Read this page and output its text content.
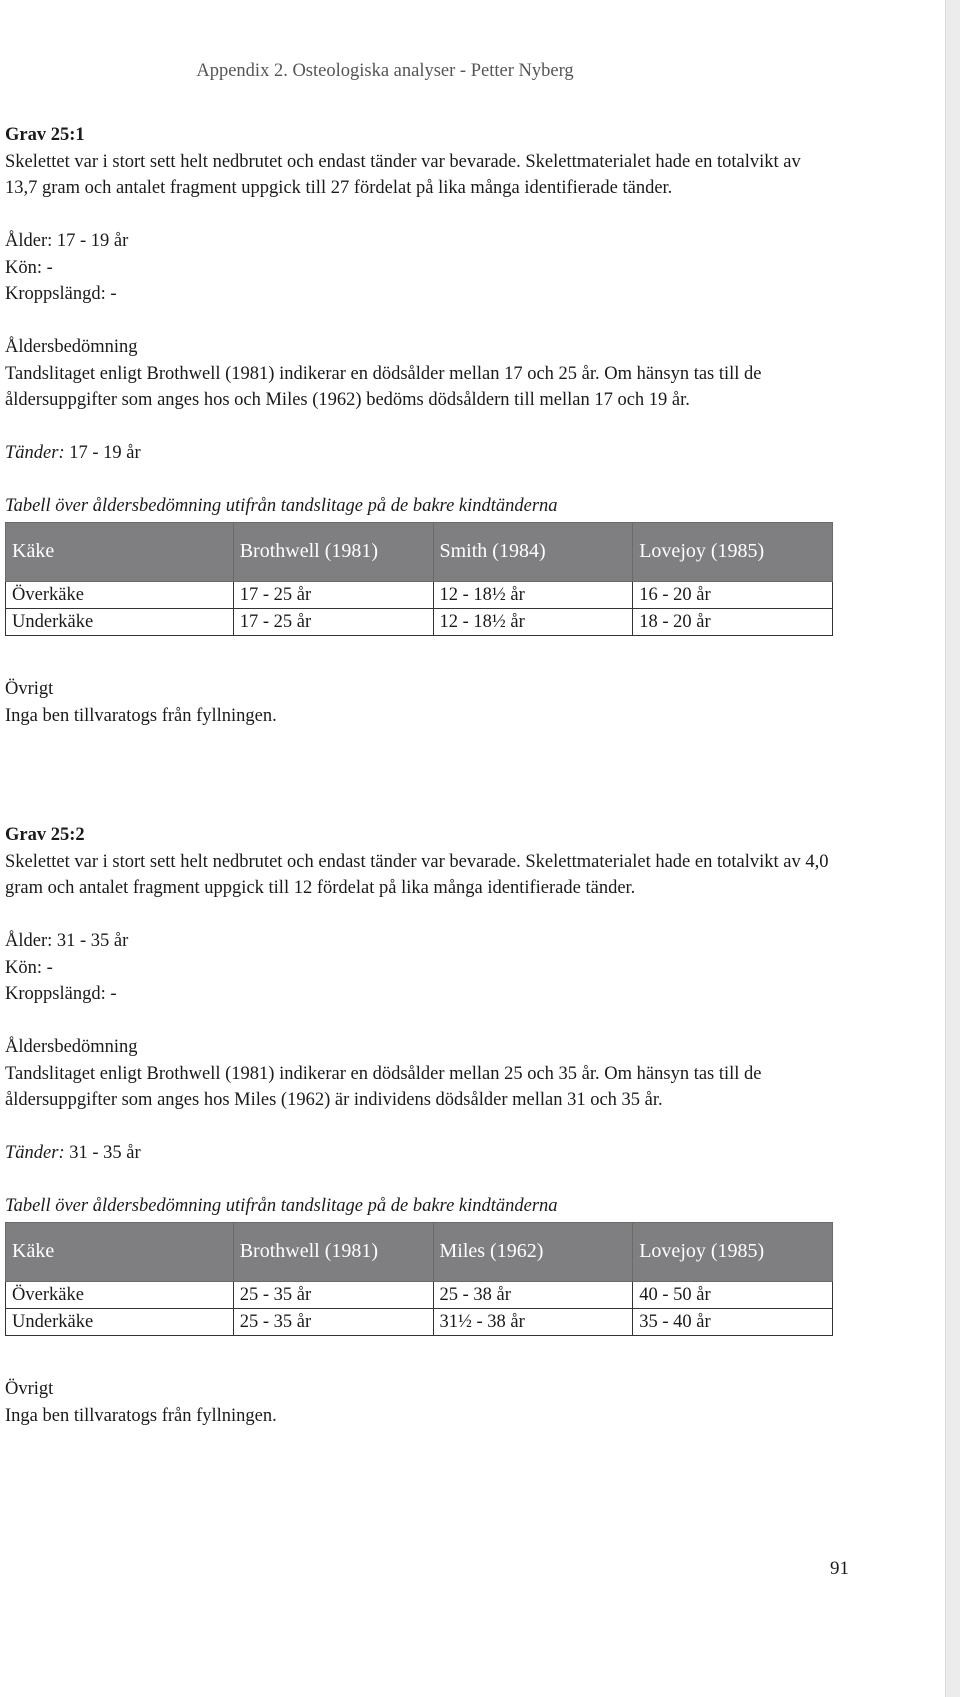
Appendix 2. Osteologiska analyser - Petter Nyberg

Grav 25:1

Skelettet var i stort sett helt nedbrutet och endast tänder var bevarade. Skelettmaterialet hade en totalvikt av 13,7 gram och antalet fragment uppgick till 27 fördelat på lika många identifierade tänder.

Ålder: 17 - 19 år

Kön: -

Kroppslängd: -

Åldersbedömning

Tandslitaget enligt Brothwell (1981) indikerar en dödsålder mellan 17 och 25 år. Om hänsyn tas till de åldersuppgifter som anges hos och Miles (1962) bedöms dödsåldern till mellan 17 och 19 år.

Tänder: 17 - 19 år

Tabell över åldersbedömning utifrån tandslitage på de bakre kindtänderna

Käke	Brothwell (1981)	Smith (1984)	Lovejoy (1985)
Överkäke	17 - 25 år	12 - 18½ år	16 - 20 år
Underkäke	17 - 25 år	12 - 18½ år	18 - 20 år

Övrigt

Inga ben tillvaratogs från fyllningen.

Grav 25:2

Skelettet var i stort sett helt nedbrutet och endast tänder var bevarade. Skelettmaterialet hade en totalvikt av 4,0 gram och antalet fragment uppgick till 12 fördelat på lika många identifierade tänder.

Ålder: 31 - 35 år

Kön: -

Kroppslängd: -

Åldersbedömning

Tandslitaget enligt Brothwell (1981) indikerar en dödsålder mellan 25 och 35 år. Om hänsyn tas till de åldersuppgifter som anges hos Miles (1962) är individens dödsålder mellan 31 och 35 år.

Tänder: 31 - 35 år

Tabell över åldersbedömning utifrån tandslitage på de bakre kindtänderna

Käke	Brothwell (1981)	Miles (1962)	Lovejoy (1985)
Överkäke	25 - 35 år	25 - 38 år	40 - 50 år
Underkäke	25 - 35 år	31½ - 38 år	35 - 40 år

Övrigt

Inga ben tillvaratogs från fyllningen.

91
